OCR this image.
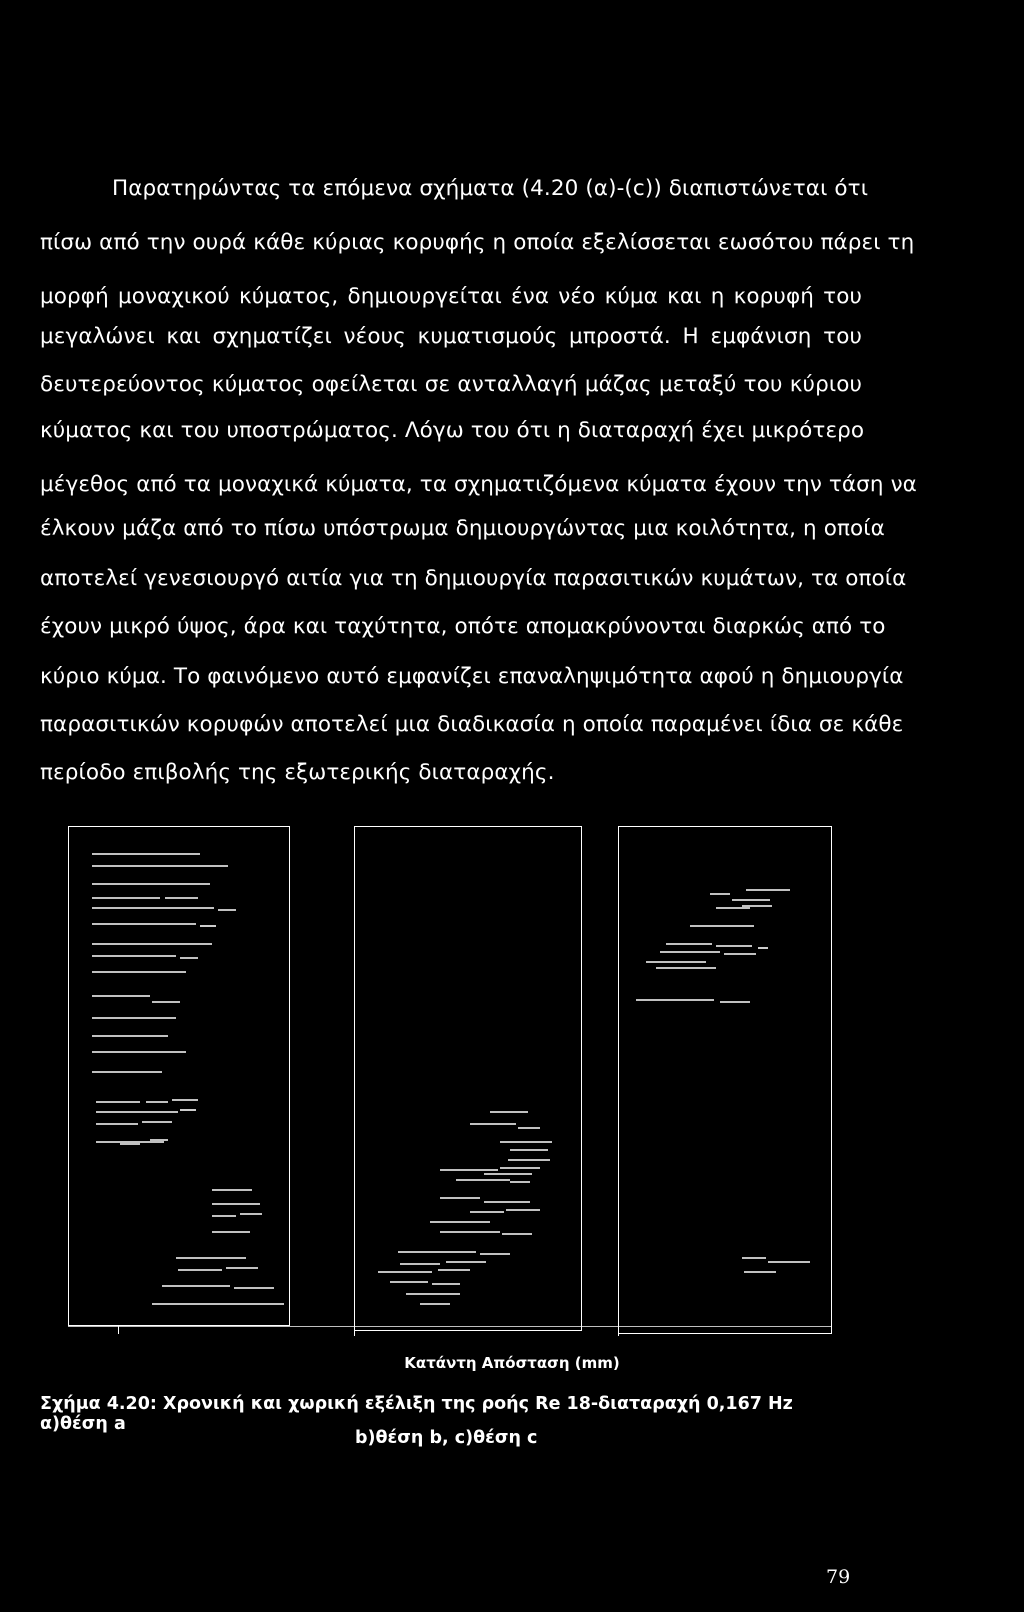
Παρατηρώντας τα επόμενα σχήματα (4.20 (α)-(c)) διαπιστώνεται ότι
πίσω από την ουρά κάθε κύριας κορυφής η οποία εξελίσσεται εωσότου πάρει τη
μορφή μοναχικού κύματος, δημιουργείται ένα νέο κύμα και η κορυφή του
μεγαλώνει και σχηματίζει νέους κυματισμούς μπροστά. Η εμφάνιση του
δευτερεύοντος κύματος οφείλεται σε ανταλλαγή μάζας μεταξύ του κύριου
κύματος και του υποστρώματος. Λόγω του ότι η διαταραχή έχει μικρότερο
μέγεθος από τα μοναχικά κύματα, τα σχηματιζόμενα κύματα έχουν την τάση να
έλκουν μάζα από το πίσω υπόστρωμα δημιουργώντας μια κοιλότητα, η οποία
αποτελεί γενεσιουργό αιτία για τη δημιουργία παρασιτικών κυμάτων, τα οποία
έχουν μικρό ύψος, άρα και ταχύτητα, οπότε απομακρύνονται διαρκώς από το
κύριο κύμα. Το φαινόμενο αυτό εμφανίζει επαναληψιμότητα αφού η δημιουργία
παρασιτικών κορυφών αποτελεί μια διαδικασία η οποία παραμένει ίδια σε κάθε
περίοδο επιβολής της εξωτερικής διαταραχής.
Κατάντη Απόσταση (mm)
Σχήμα 4.20: Χρονική και χωρική εξέλιξη της ροής Re 18-διαταραχή 0,167 Hz α)θέση a
b)θέση b, c)θέση c
79
